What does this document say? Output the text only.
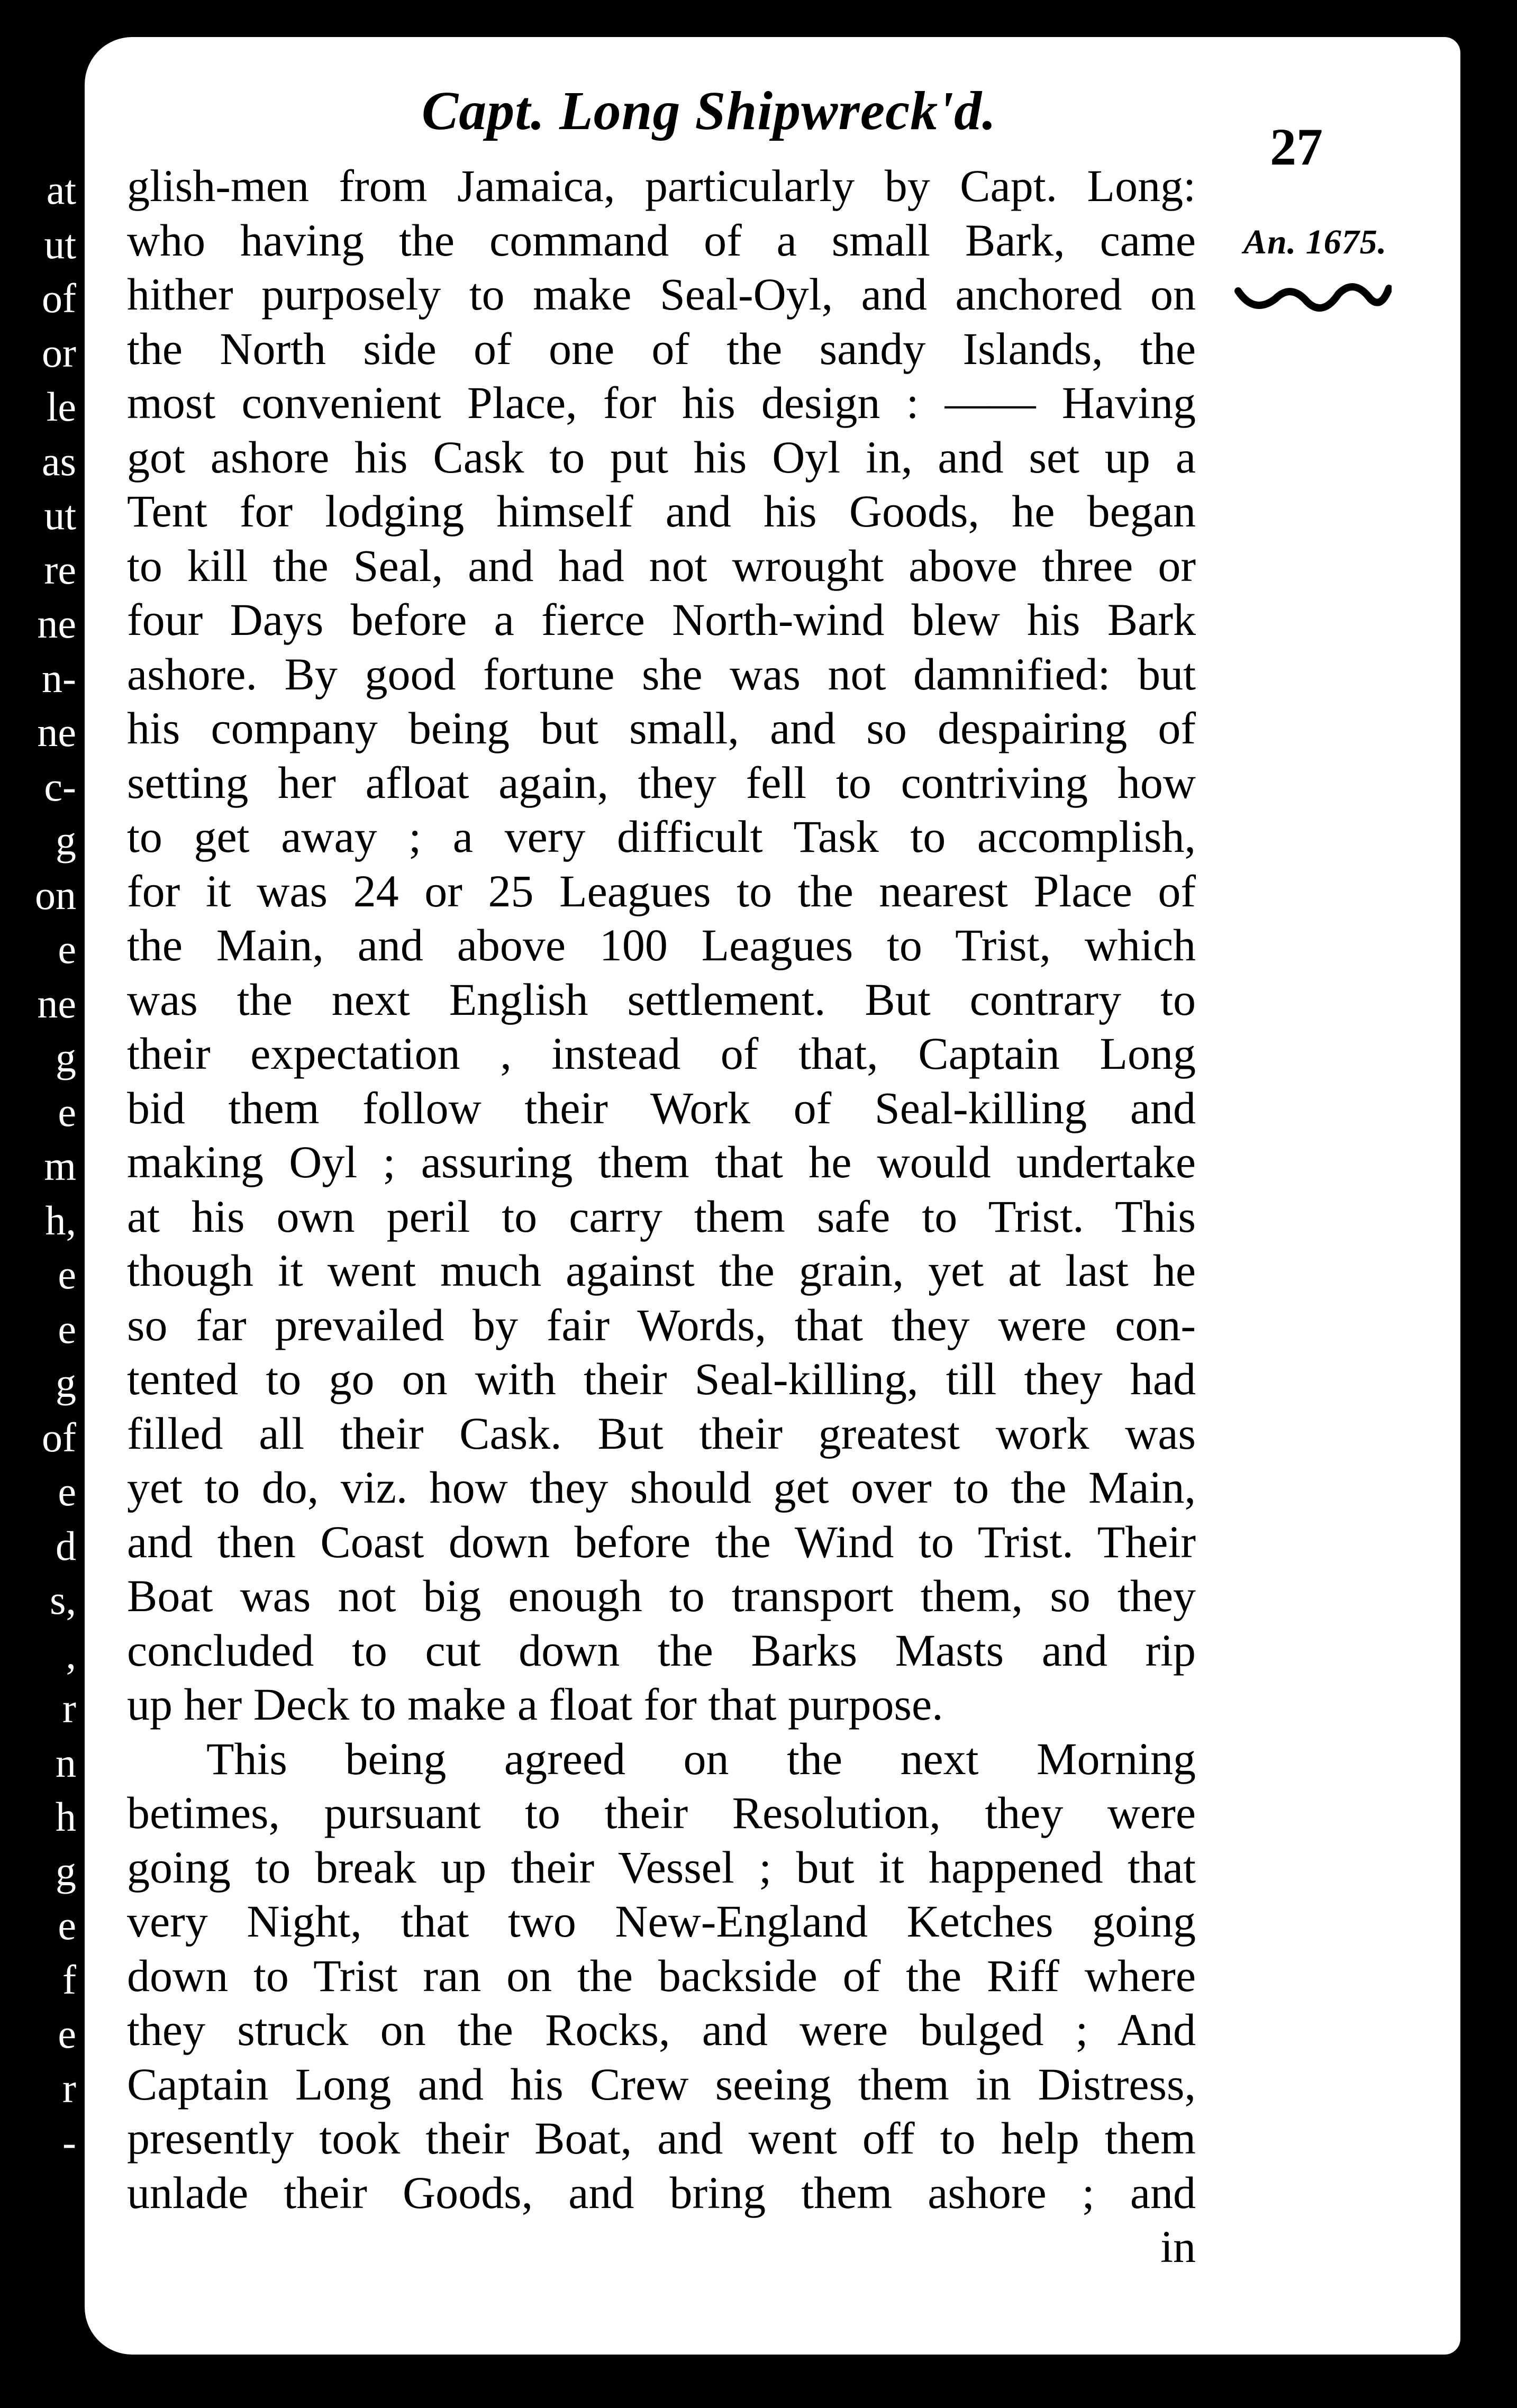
at
ut
of
or
le
as
ut
re
ne
n-
ne
c-
g
on
e
ne
g
e
m
h,
e
e
g
of
e
d
s,
,
r
n
h
g
e
f
e
r
-
Capt. Long Shipwreck'd.
27
An. 1675.
glish-men from Jamaica, particularly by Capt. Long:
who having the command of a small Bark, came
hither purposely to make Seal-Oyl, and anchored on
the North side of one of the sandy Islands, the
most convenient Place, for his design : —— Having
got ashore his Cask to put his Oyl in, and set up a
Tent for lodging himself and his Goods, he began
to kill the Seal, and had not wrought above three or
four Days before a fierce North-wind blew his Bark
ashore. By good fortune she was not damnified: but
his company being but small, and so despairing of
setting her afloat again, they fell to contriving how
to get away ; a very difficult Task to accomplish,
for it was 24 or 25 Leagues to the nearest Place of
the Main, and above 100 Leagues to Trist, which
was the next English settlement. But contrary to
their expectation , instead of that, Captain Long
bid them follow their Work of Seal-killing and
making Oyl ; assuring them that he would undertake
at his own peril to carry them safe to Trist. This
though it went much against the grain, yet at last he
so far prevailed by fair Words, that they were con-
tented to go on with their Seal-killing, till they had
filled all their Cask. But their greatest work was
yet to do, viz. how they should get over to the Main,
and then Coast down before the Wind to Trist. Their
Boat was not big enough to transport them, so they
concluded to cut down the Barks Masts and rip
up her Deck to make a float for that purpose.
This being agreed on the next Morning
betimes, pursuant to their Resolution, they were
going to break up their Vessel ; but it happened that
very Night, that two New-England Ketches going
down to Trist ran on the backside of the Riff where
they struck on the Rocks, and were bulged ; And
Captain Long and his Crew seeing them in Distress,
presently took their Boat, and went off to help them
unlade their Goods, and bring them ashore ; and
in
